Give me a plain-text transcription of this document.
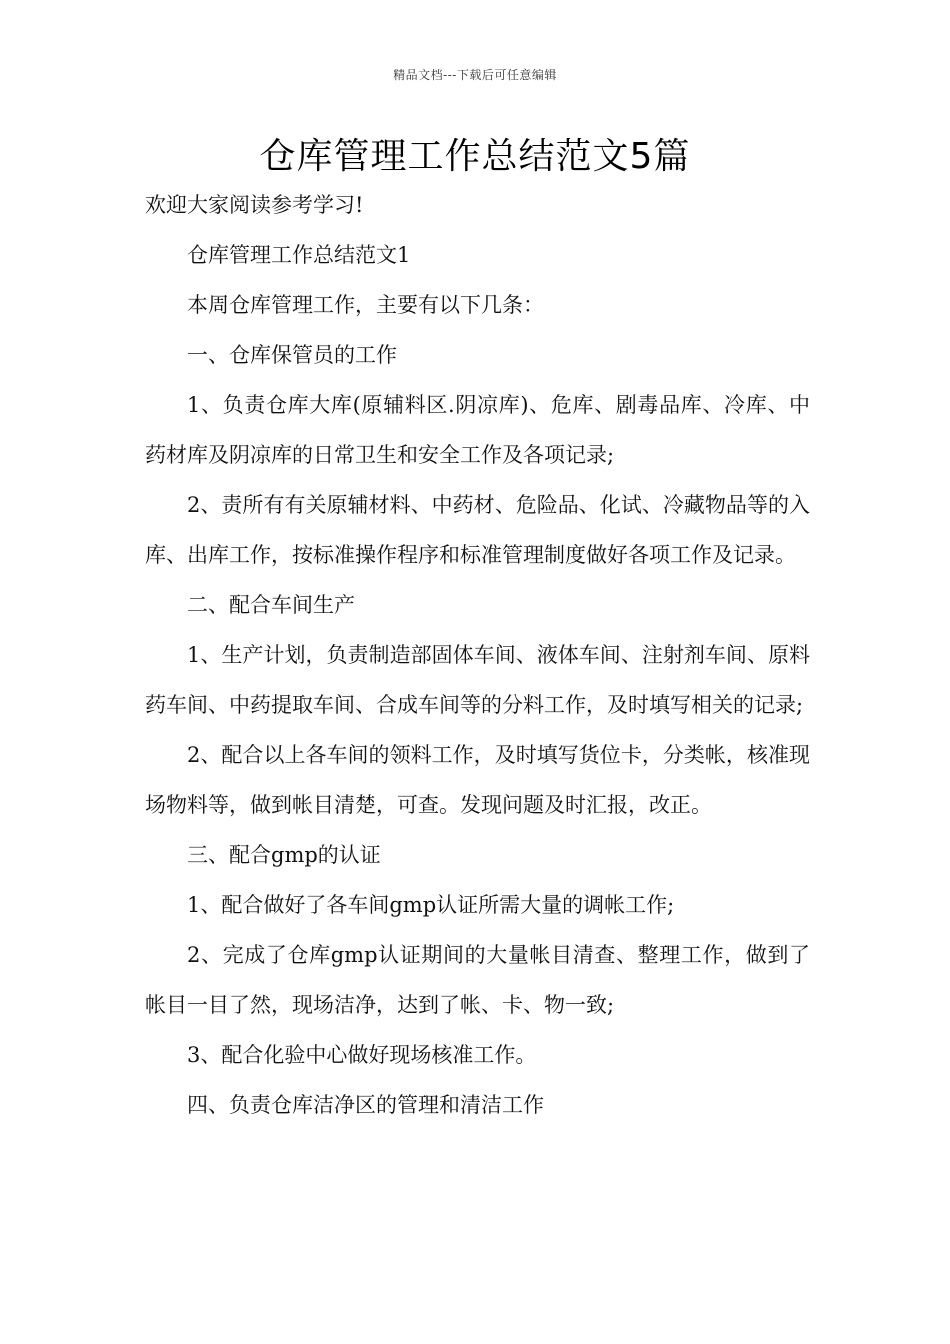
精品文档---下载后可任意编辑
仓库管理工作总结范文5篇

欢迎大家阅读参考学习!

仓库管理工作总结范文1

本周仓库管理工作，主要有以下几条：

一、仓库保管员的工作

1、负责仓库大库(原辅料区.阴凉库)、危库、剧毒品库、冷库、中药材库及阴凉库的日常卫生和安全工作及各项记录;

2、责所有有关原辅材料、中药材、危险品、化试、冷藏物品等的入库、出库工作，按标准操作程序和标准管理制度做好各项工作及记录。

二、配合车间生产

1、生产计划，负责制造部固体车间、液体车间、注射剂车间、原料药车间、中药提取车间、合成车间等的分料工作，及时填写相关的记录;

2、配合以上各车间的领料工作，及时填写货位卡，分类帐，核准现场物料等，做到帐目清楚，可查。发现问题及时汇报，改正。

三、配合gmp的认证

1、配合做好了各车间gmp认证所需大量的调帐工作;

2、完成了仓库gmp认证期间的大量帐目清查、整理工作，做到了帐目一目了然，现场洁净，达到了帐、卡、物一致;

3、配合化验中心做好现场核准工作。

四、负责仓库洁净区的管理和清洁工作
